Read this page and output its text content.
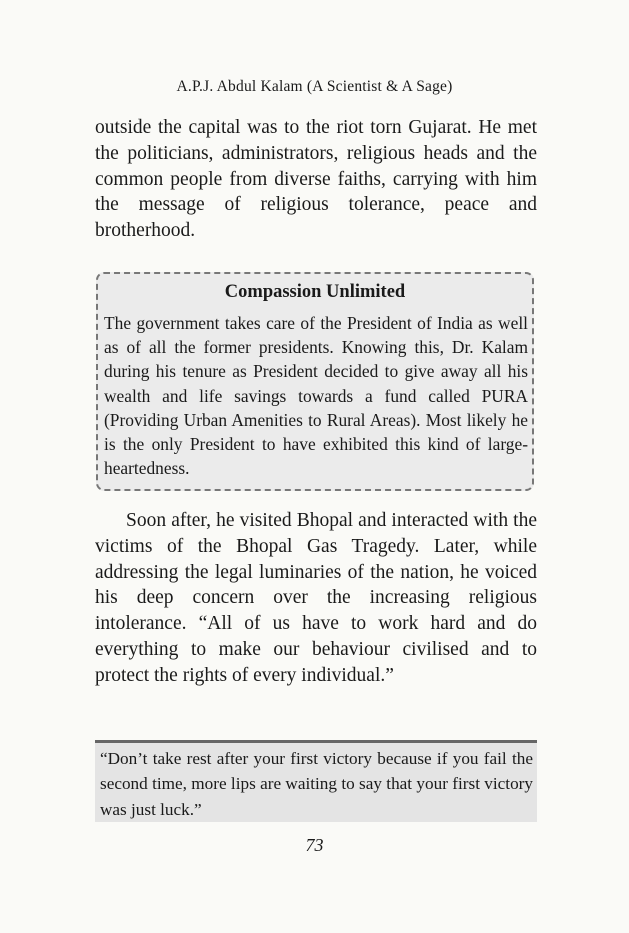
A.P.J. Abdul Kalam (A Scientist & A Sage)

outside the capital was to the riot torn Gujarat. He met the politicians, administrators, religious heads and the common people from diverse faiths, carrying with him the message of religious tolerance, peace and brotherhood.

Compassion Unlimited

The government takes care of the President of India as well as of all the former presidents. Knowing this, Dr. Kalam during his tenure as President decided to give away all his wealth and life savings towards a fund called PURA (Providing Urban Amenities to Rural Areas). Most likely he is the only President to have exhibited this kind of large-heartedness.

Soon after, he visited Bhopal and interacted with the victims of the Bhopal Gas Tragedy. Later, while addressing the legal luminaries of the nation, he voiced his deep concern over the increasing religious intolerance. “All of us have to work hard and do everything to make our behaviour civilised and to protect the rights of every individual.”

“Don’t take rest after your first victory because if you fail the second time, more lips are waiting to say that your first victory was just luck.”

73
